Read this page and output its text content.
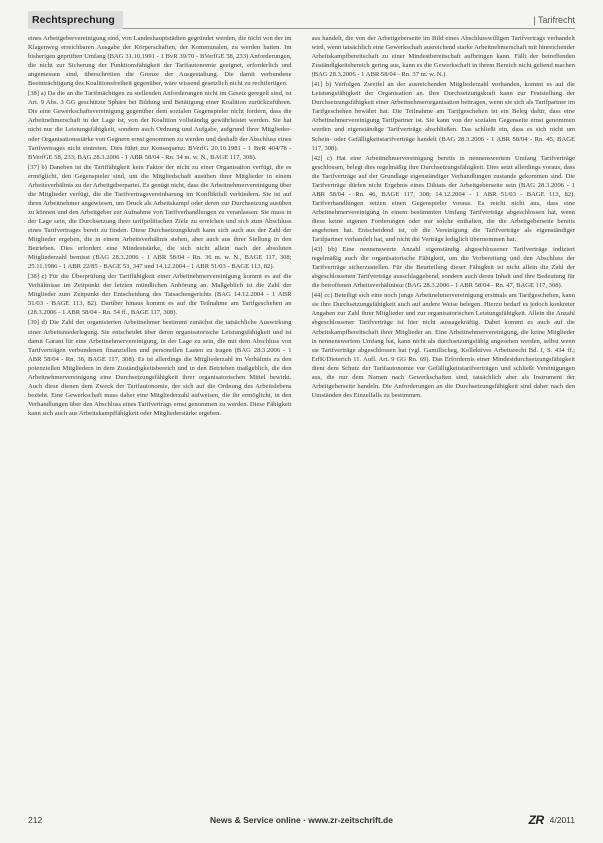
Rechtsprechung	| Tarifrecht

eines Arbeitgebervereinigung sind, von Landeshauptstädten gegründet werden, die nicht von der im Klagenweg erreichbaren Ausgabe der Körperschaften, der Kommunalen, zu werden hatten. Im bisherigen geprüften Umfang (BAG 31.10.1991 - 1 BvR 39/70 - BVerfGE 58, 233) Anforderungen, die nicht zur Sicherung der Funktionsfähigkeit der Tarifautonomie geeignet, erforderlich und angemessen sind, überschreiten die Grenze der Ausgestaltung. Die damit verbundene Beeinträchtigung des Koalitionsfreiheit gegenüber, wäre wissend gesetzlich nicht zu rechtfertigen.

[38] a) Da die an die Tarifmächtigen zu stellenden Anforderungen nicht im Gesetz geregelt sind, ist Art. 9 Abs. 3 GG geschützte Sphäre bei Bildung und Betätigung einer Koalition zurückzuführen. Die eine Gewerkschaftsvereinigung gegenüber dem sozialen Gegenspieler nicht fordern, dass die Arbeitnehmerschaft in der Lage ist, von der Koalition vollständig gewährleistet werden. Sie hat nicht nur die Leistungsfähigkeit, sondern auch Ordnung und Aufgabe, aufgrund ihrer Mitglieder- oder Organisationsstärke von Gegnern ernst genommen zu werden und deshalb der Abschluss eines Tarifvertrages nicht eintreten. Dies führt zur Konsequenz: BVerfG 20.10.1981 - 1 BvR 404/78 - BVerfGE 58, 233; BAG 28.3.2006 - 1 ABR 58/04 - Rn. 34 m. w. N., BAGE 117, 308).

[37] b) Daneben ist die Tariffähigkeit kein Faktor der nicht zu einer Organisation verfügt, die es ermöglicht, den Gegenspieler sind, um die Mitgliedschaft ausüben ihrer Mitglieder in einem Arbeitsverhältnis zu der Arbeitgeberpartei. Es genügt nicht, dass die Arbeitnehmervereinigung über die Mitglieder verfügt, die die Tarifvertragsvereinbarung im Konfliktfall verhindern. Sie ist auf ihren Arbeitnehmer angewiesen, um Druck als Arbeitskampf oder deren zur Durchsetzung ausüben zu können und den Arbeitgeber zur Aufnahme von Tarifverhandlungen zu veranlassen. Sie muss in der Lage sein, die Durchsetzung ihrer tarifpolitischen Ziele zu erreichen und sich zum Abschluss eines Tarifvertrages bereit zu finden. Diese Durchsetzungskraft kann sich auch aus der Zahl der Mitglieder ergeben, die in einem Arbeitsverhältnis stehen, aber auch aus ihrer Stellung in den Betrieben. Dies erfordert eine Mindeststärke, die sich nicht allein nach der absoluten Mitgliederzahl bemisst (BAG 28.3.2006 - 1 ABR 58/04 - Rn. 36 m. w. N., BAGE 117, 308; 25.11.1986 - 1 ABR 22/85 - BAGE 53, 347 und 14.12.2004 - 1 ABR 51/03 - BAGE 113, 82).

[38] c) Für die Überprüfung der Tariffähigkeit einer Arbeitnehmervereinigung kommt es auf die Verhältnisse im Zeitpunkt der letzten mündlichen Anhörung an. Maßgeblich ist die Zahl der Mitglieder zum Zeitpunkt der Entscheidung des Tatsachengerichts (BAG 14.12.2004 - 1 ABR 51/03 - BAGE 113, 82). Darüber hinaus kommt es auf die Teilnahme am Tarifgeschehen an (28.3.2006 - 1 ABR 58/04 - Rn. 54 ff., BAGE 117, 308).

[39] d) Die Zahl der organisierten Arbeitnehmer bestimmt zunächst die tatsächliche Auswirkung einer Arbeitsniederlegung. Sie entscheidet über deren organisatorische Leistungsfähigkeit und ist damit Garant für eine Arbeitnehmervereinigung, in der Lage zu sein, die mit dem Abschluss von Tarifverträgen verbundenen finanziellen und personellen Lasten zu tragen (BAG 28.3.2006 - 1 ABR 58/04 - Rn. 36, BAGE 117, 308). Es ist allerdings die Mitgliederzahl im Verhältnis zu den potenziellen Mitgliedern in dem Zuständigkeitsbereich und in den Betrieben maßgeblich, die den Arbeitnehmervereinigung eine Durchsetzungsfähigkeit ihrer organisatorischen Mittel bewirkt. Auch diese dienen dem Zweck der Tarifautonomie, der sich auf die Ordnung des Arbeitslebens bezieht. Eine Gewerkschaft muss daher eine Mitgliederzahl aufweisen, die ihr ermöglicht, in den Verhandlungen über den Abschluss eines Tarifvertrags ernst genommen zu werden. Diese Fähigkeit kann sich auch aus Arbeitskampffähigkeit oder Mitgliederstärke ergeben.

aus handelt, die von der Arbeitgeberseite im Bild eines Abschlusswilligen Tarifvertrags verhandelt wird, wenn tatsächlich eine Gewerkschaft ausreichend starke Arbeitnehmerschaft mit hinreichender Arbeitskampfbereitschaft zu einer Mindestbereitschaft aufbringen kann. Fällt der betreffenden Zuständigkeitsbereich gering aus, kann es die Gewerkschaft in ihrem Bereich nicht geltend machen (BAG 28.3.2006 - 1 ABR 58/04 - Rn. 37 m. w. N.).

[41] b) Verfolgen Zweifel an der ausreichenden Mitgliederzahl vorhanden, kommt es auf die Leistungsfähigkeit der Organisation an. Ihre Durchsetzungskraft kann zur Feststellung der Durchsetzungsfähigkeit einer Arbeitnehmerorganisation beitragen, wenn sie sich als Tarifpartner im Tarifgeschehen bewährt hat. Die Teilnahme am Tarifgeschehen ist ein Beleg dafür, dass eine Arbeitnehmervereinigung Tarifpartner ist. Sie kann von der sozialen Gegenseite ernst genommen werden und eigenständige Tarifverträge abschließen. Das schließt ein, dass es sich nicht um Schein- oder Gefälligkeitstarifverträge handelt (BAG 28.3.2006 - 1 ABR 58/04 - Rn. 45, BAGE 117, 308).

[42] c) Hat eine Arbeitnehmervereinigung bereits in nennenswertem Umfang Tarifverträge geschlossen, belegt dies regelmäßig ihre Durchsetzungsfähigkeit. Dies setzt allerdings voraus, dass die Tarifverträge auf der Grundlage eigenständiger Verhandlungen zustande gekommen sind. Die Tarifverträge dürfen nicht Ergebnis eines Diktats der Arbeitgeberseite sein (BAG 28.3.2006 - 1 ABR 58/04 - Rn. 46, BAGE 117, 308; 14.12.2004 - 1 ABR 51/03 - BAGE 113, 82). Tarifverhandlungen setzen einen Gegenspieler voraus. Es reicht nicht aus, dass eine Arbeitnehmervereinigung in einem bestimmten Umfang Tarifverträge abgeschlossen hat, wenn diese keine eigenen Forderungen oder nur solche enthalten, die die Arbeitgeberseite bereits angeboten hat. Entscheidend ist, ob die Vereinigung die Tarifverträge als eigenständiger Tarifpartner verhandelt hat, und nicht die Verträge lediglich übernommen hat.

[43] bb) Eine nennenswerte Anzahl eigenständig abgeschlossener Tarifverträge indiziert regelmäßig auch die organisatorische Fähigkeit, um die Vorbereitung und den Abschluss der Tarifverträge sicherzustellen. Für die Beurteilung dieser Fähigkeit ist nicht allein die Zahl der abgeschlossenen Tarifverträge ausschlaggebend, sondern auch deren Inhalt und ihre Bedeutung für die betroffenen Arbeitsverhältnisse (BAG 28.3.2006 - 1 ABR 58/04 - Rn. 47, BAGE 117, 308).

[44] cc) Beteiligt sich eine noch junge Arbeitnehmervereinigung erstmals am Tarifgeschehen, kann sie ihre Durchsetzungsfähigkeit auch auf andere Weise belegen. Hierzu bedarf es jedoch konkreter Angaben zur Zahl ihrer Mitglieder und zur organisatorischen Leistungsfähigkeit. Allein die Anzahl abgeschlossener Tarifverträge ist hier nicht aussagekräftig. Dabei kommt es auch auf die Arbeitskampfbereitschaft ihrer Mitglieder an. Eine Arbeitnehmervereinigung, die keine Mitglieder in nennenswertem Umfang hat, kann nicht als durchsetzungsfähig angesehen werden, selbst wenn sie Tarifverträge abgeschlossen hat (vgl. Gamillscheg, Kollektives Arbeitsrecht Bd. I, S. 434 ff.; ErfK/Dieterich 11. Aufl. Art. 9 GG Rn. 69). Das Erfordernis einer Mindestdurchsetzungsfähigkeit dient dem Schutz der Tarifautonomie vor Gefälligkeitstarifverträgen und schließt Vereinigungen aus, die nur dem Namen nach Gewerkschaften sind, tatsächlich aber als Instrument der Arbeitgeberseite handeln. Die Anforderungen an die Durchsetzungsfähigkeit sind daher nach den Umständen des Einzelfalls zu bestimmen.

212	News & Service online · www.zr-zeitschrift.de	ZR 4/2011
